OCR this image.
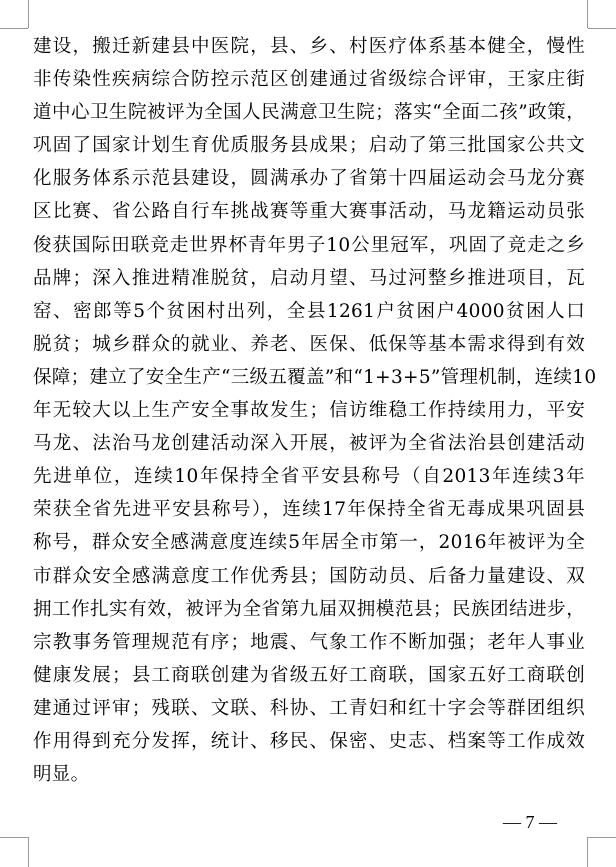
建设，搬迁新建县中医院，县、乡、村医疗体系基本健全，慢性
非传染性疾病综合防控示范区创建通过省级综合评审，王家庄街
道中心卫生院被评为全国人民满意卫生院；落实“全面二孩”政策，
巩固了国家计划生育优质服务县成果；启动了第三批国家公共文
化服务体系示范县建设，圆满承办了省第十四届运动会马龙分赛
区比赛、省公路自行车挑战赛等重大赛事活动，马龙籍运动员张
俊获国际田联竞走世界杯青年男子10公里冠军，巩固了竞走之乡
品牌；深入推进精准脱贫，启动月望、马过河整乡推进项目，瓦
窑、密郎等5个贫困村出列，全县1261户贫困户4000贫困人口
脱贫；城乡群众的就业、养老、医保、低保等基本需求得到有效
保障；建立了安全生产“三级五覆盖”和“1+3+5”管理机制，连续10
年无较大以上生产安全事故发生；信访维稳工作持续用力，平安
马龙、法治马龙创建活动深入开展，被评为全省法治县创建活动
先进单位，连续10年保持全省平安县称号（自2013年连续3年
荣获全省先进平安县称号），连续17年保持全省无毒成果巩固县
称号，群众安全感满意度连续5年居全市第一，2016年被评为全
市群众安全感满意度工作优秀县；国防动员、后备力量建设、双
拥工作扎实有效，被评为全省第九届双拥模范县；民族团结进步，
宗教事务管理规范有序；地震、气象工作不断加强；老年人事业
健康发展；县工商联创建为省级五好工商联，国家五好工商联创
建通过评审；残联、文联、科协、工青妇和红十字会等群团组织
作用得到充分发挥，统计、移民、保密、史志、档案等工作成效
明显。
— 7 —
